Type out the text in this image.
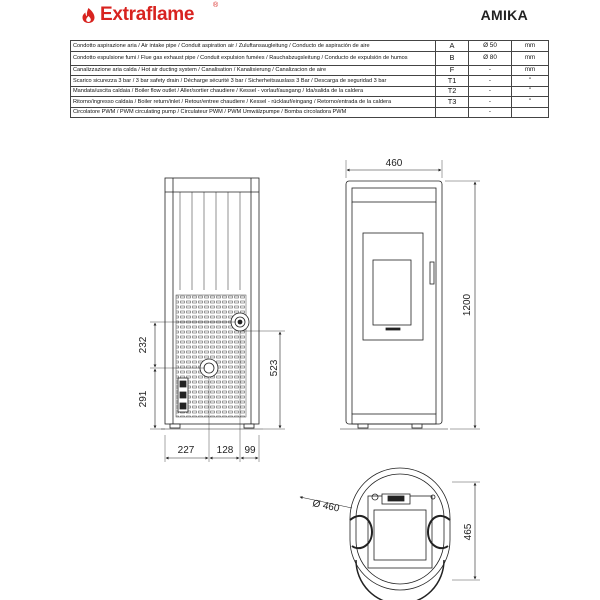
Extraflame	®
AMIKA
Condotto aspirazione aria / Air intake pipe / Conduit aspiration air / Zuluftansaugleitung / Conducto de aspiración de aire	A	Ø 50	mm
Condotto espulsione fumi / Flue gas exhaust pipe / Conduit expulsion fumées / Rauchabzugsleitung / Conducto de expulsión de humos	B	Ø 80	mm
Canalizzazione aria calda / Hot air ducting system / Canalisation / Kanalisierung / Canalizacion de aire	F	-	mm
Scarico sicurezza 3 bar / 3 bar safety drain / Décharge sécurité 3 bar / Sicherheitsauslass 3 Bar / Descarga de seguridad 3 bar	T1	-	"
Mandata/uscita caldaia / Boiler flow outlet / Aller/sortier chaudiere / Kessel - vorlauf/ausgang / Ida/salida de la caldera	T2	-	"
Ritorno/ingresso caldaia / Boiler return/inlet / Retour/entree chaudiere / Kessel - rücklauf/eingang / Retorno/entrada de la caldera	T3	-	"
Circolatore PWM / PWM circulating pump / Circulateur PWM / PWM Umwälzpumpe / Bomba circoladora PWM		-	
232
291
523
227 128 99
460
1200
Ø 460
465
